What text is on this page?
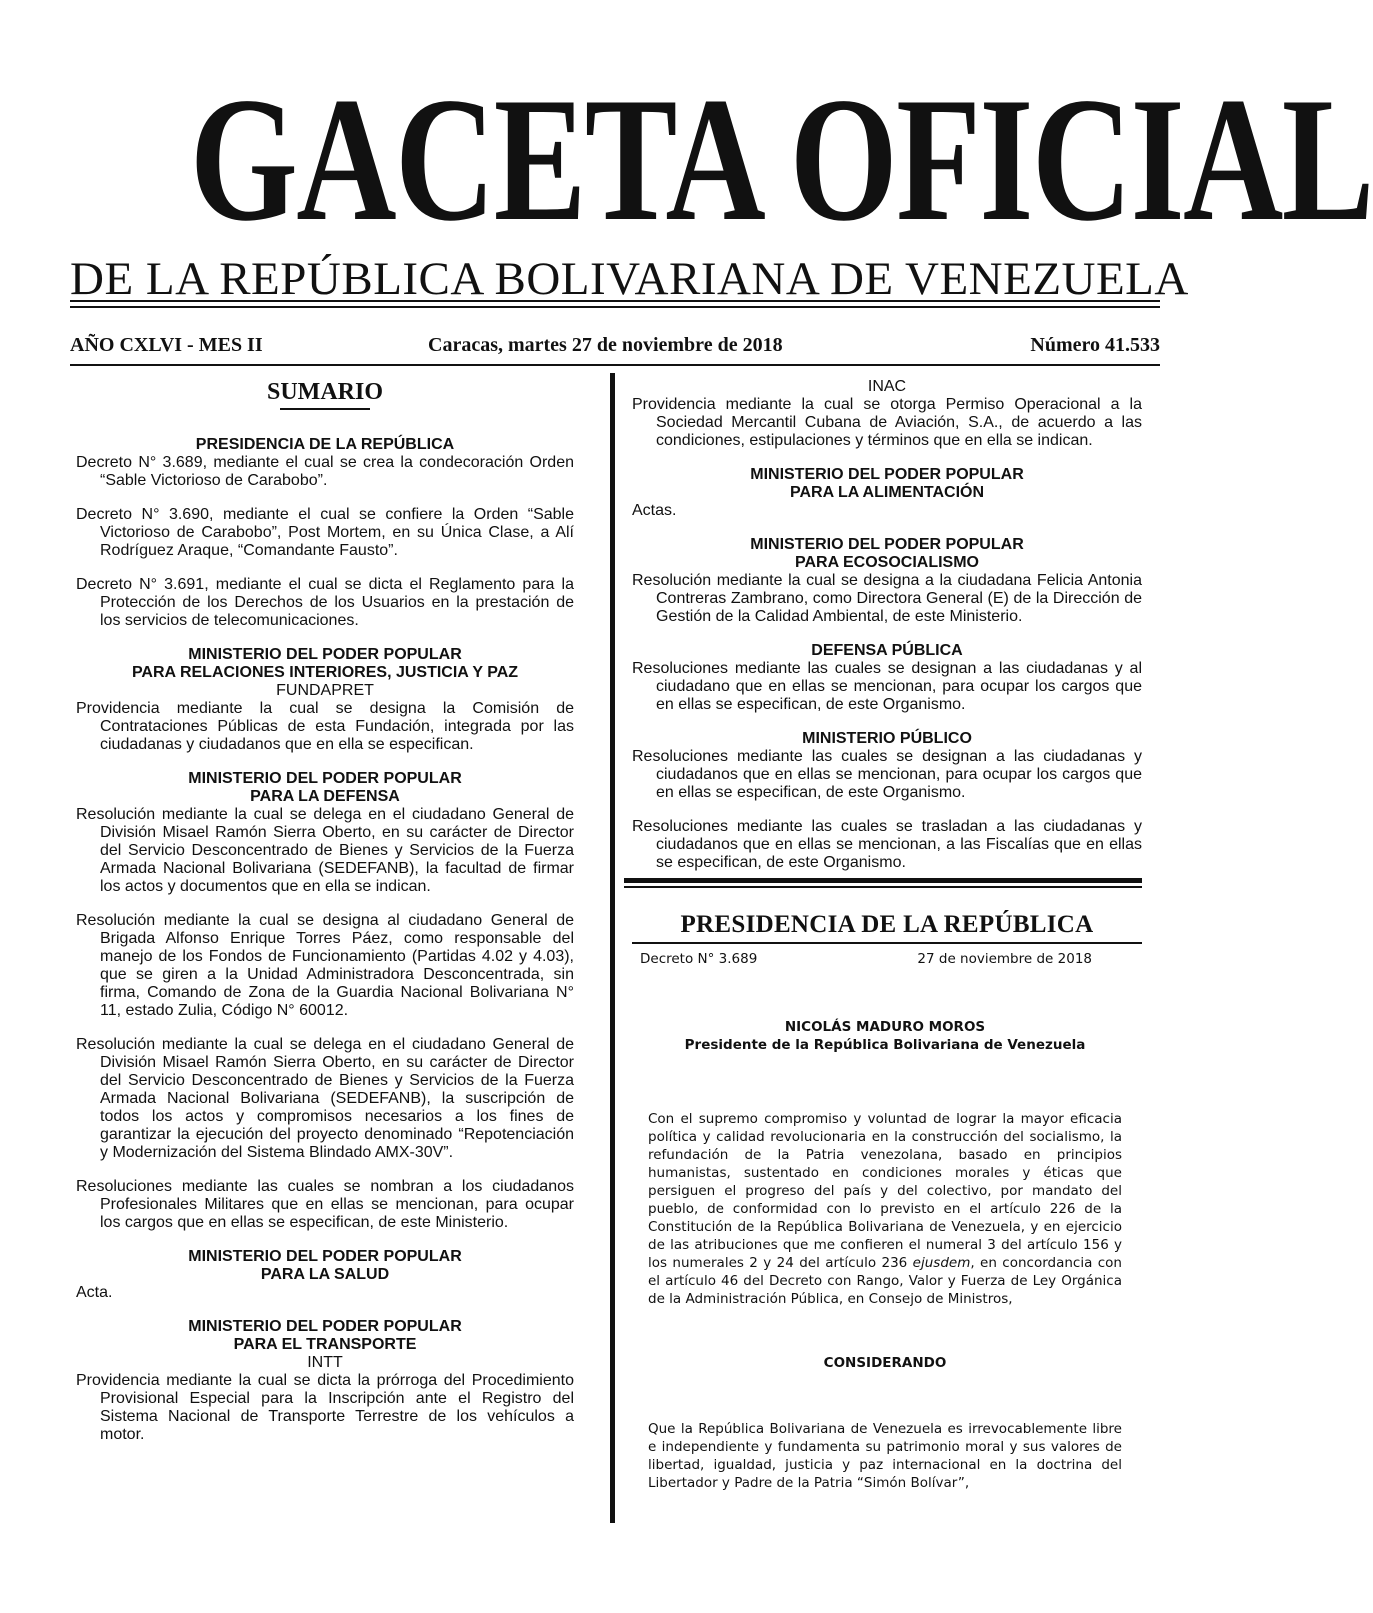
GACETA OFICIAL
DE LA REPÚBLICA BOLIVARIANA DE VENEZUELA
AÑO CXLVI - MES II	Caracas, martes 27 de noviembre de 2018	Número 41.533
SUMARIO

PRESIDENCIA DE LA REPÚBLICA

Decreto N° 3.689, mediante el cual se crea la condecoración Orden “Sable Victorioso de Carabobo”.

Decreto N° 3.690, mediante el cual se confiere la Orden “Sable Victorioso de Carabobo”, Post Mortem, en su Única Clase, a Alí Rodríguez Araque, “Comandante Fausto”.

Decreto N° 3.691, mediante el cual se dicta el Reglamento para la Protección de los Derechos de los Usuarios en la prestación de los servicios de telecomunicaciones.

MINISTERIO DEL PODER POPULAR

PARA RELACIONES INTERIORES, JUSTICIA Y PAZ

FUNDAPRET

Providencia mediante la cual se designa la Comisión de Contrataciones Públicas de esta Fundación, integrada por las ciudadanas y ciudadanos que en ella se especifican.

MINISTERIO DEL PODER POPULAR

PARA LA DEFENSA

Resolución mediante la cual se delega en el ciudadano General de División Misael Ramón Sierra Oberto, en su carácter de Director del Servicio Desconcentrado de Bienes y Servicios de la Fuerza Armada Nacional Bolivariana (SEDEFANB), la facultad de firmar los actos y documentos que en ella se indican.

Resolución mediante la cual se designa al ciudadano General de Brigada Alfonso Enrique Torres Páez, como responsable del manejo de los Fondos de Funcionamiento (Partidas 4.02 y 4.03), que se giren a la Unidad Administradora Desconcentrada, sin firma, Comando de Zona de la Guardia Nacional Bolivariana N° 11, estado Zulia, Código N° 60012.

Resolución mediante la cual se delega en el ciudadano General de División Misael Ramón Sierra Oberto, en su carácter de Director del Servicio Desconcentrado de Bienes y Servicios de la Fuerza Armada Nacional Bolivariana (SEDEFANB), la suscripción de todos los actos y compromisos necesarios a los fines de garantizar la ejecución del proyecto denominado “Repotenciación y Modernización del Sistema Blindado AMX-30V”.

Resoluciones mediante las cuales se nombran a los ciudadanos Profesionales Militares que en ellas se mencionan, para ocupar los cargos que en ellas se especifican, de este Ministerio.

MINISTERIO DEL PODER POPULAR

PARA LA SALUD

Acta.

MINISTERIO DEL PODER POPULAR

PARA EL TRANSPORTE

INTT

Providencia mediante la cual se dicta la prórroga del Procedimiento Provisional Especial para la Inscripción ante el Registro del Sistema Nacional de Transporte Terrestre de los vehículos a motor.

INAC

Providencia mediante la cual se otorga Permiso Operacional a la Sociedad Mercantil Cubana de Aviación, S.A., de acuerdo a las condiciones, estipulaciones y términos que en ella se indican.

MINISTERIO DEL PODER POPULAR

PARA LA ALIMENTACIÓN

Actas.

MINISTERIO DEL PODER POPULAR

PARA ECOSOCIALISMO

Resolución mediante la cual se designa a la ciudadana Felicia Antonia Contreras Zambrano, como Directora General (E) de la Dirección de Gestión de la Calidad Ambiental, de este Ministerio.

DEFENSA PÚBLICA

Resoluciones mediante las cuales se designan a las ciudadanas y al ciudadano que en ellas se mencionan, para ocupar los cargos que en ellas se especifican, de este Organismo.

MINISTERIO PÚBLICO

Resoluciones mediante las cuales se designan a las ciudadanas y ciudadanos que en ellas se mencionan, para ocupar los cargos que en ellas se especifican, de este Organismo.

Resoluciones mediante las cuales se trasladan a las ciudadanas y ciudadanos que en ellas se mencionan, a las Fiscalías que en ellas se especifican, de este Organismo.

PRESIDENCIA DE LA REPÚBLICA
Decreto N° 3.689	27 de noviembre de 2018
NICOLÁS MADURO MOROS
Presidente de la República Bolivariana de Venezuela
Con el supremo compromiso y voluntad de lograr la mayor eficacia política y calidad revolucionaria en la construcción del socialismo, la refundación de la Patria venezolana, basado en principios humanistas, sustentado en condiciones morales y éticas que persiguen el progreso del país y del colectivo, por mandato del pueblo, de conformidad con lo previsto en el artículo 226 de la Constitución de la República Bolivariana de Venezuela, y en ejercicio de las atribuciones que me confieren el numeral 3 del artículo 156 y los numerales 2 y 24 del artículo 236 ejusdem, en concordancia con el artículo 46 del Decreto con Rango, Valor y Fuerza de Ley Orgánica de la Administración Pública, en Consejo de Ministros,
CONSIDERANDO
Que la República Bolivariana de Venezuela es irrevocablemente libre e independiente y fundamenta su patrimonio moral y sus valores de libertad, igualdad, justicia y paz internacional en la doctrina del Libertador y Padre de la Patria “Simón Bolívar”,
